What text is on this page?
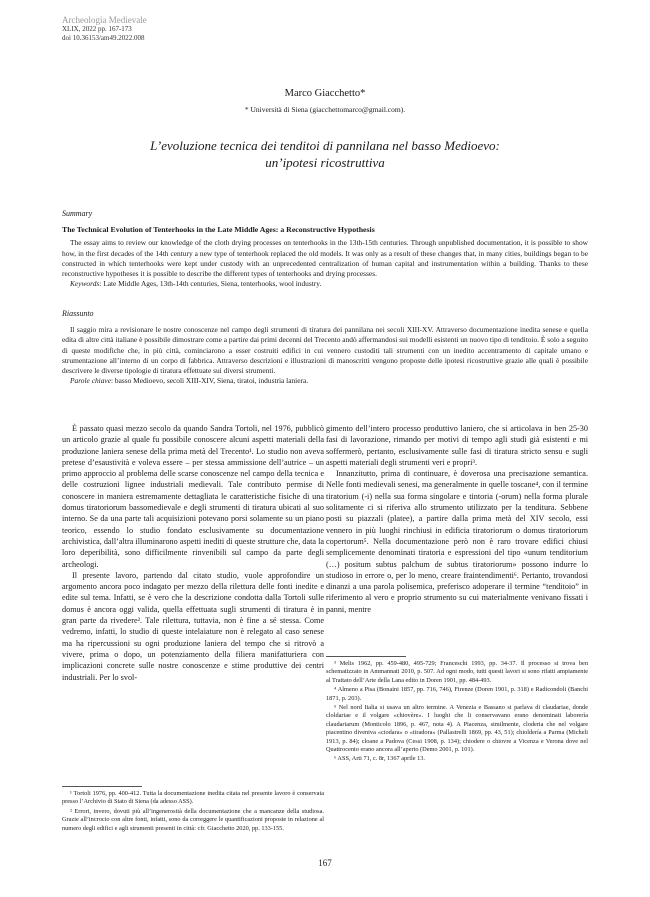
Archeologia Medievale
XLIX, 2022 pp. 167-173
doi 10.36153/am49.2022.008
Marco Giacchetto*
* Università di Siena (giacchettomarco@gmail.com).
L’evoluzione tecnica dei tenditoi di pannilana nel basso Medioevo:
un’ipotesi ricostruttiva
Summary
The Technical Evolution of Tenterhooks in the Late Middle Ages: a Reconstructive Hypothesis

The essay aims to review our knowledge of the cloth drying processes on tenterhooks in the 13th-15th centuries. Through unpublished documentation, it is possible to show how, in the first decades of the 14th century a new type of tenterhook replaced the old models. It was only as a result of these changes that, in many cities, buildings began to be constructed in which tenterhooks were kept under custody with an unprecedented centralization of human capital and instrumentation within a building. Thanks to these reconstructive hypotheses it is possible to describe the different types of tenterhooks and drying processes.

Keywords: Late Middle Ages, 13th-14th centuries, Siena, tenterhooks, wool industry.
Riassunto

Il saggio mira a revisionare le nostre conoscenze nel campo degli strumenti di tiratura dei pannilana nei secoli XIII-XV. Attraverso documentazione inedita senese e quella edita di altre città italiane è possibile dimostrare come a partire dai primi decenni del Trecento andò affermandosi sui modelli esistenti un nuovo tipo di tenditoio. È solo a seguito di queste modifiche che, in più città, cominciarono a esser costruiti edifici in cui vennero custoditi tali strumenti con un inedito accentramento di capitale umano e strumentazione all’interno di un corpo di fabbrica. Attraverso descrizioni e illustrazioni di manoscritti vengono proposte delle ipotesi ricostruttive grazie alle quali è possibile descrivere le diverse tipologie di tiratura effettuate sui diversi strumenti.

Parole chiave: basso Medioevo, secoli XIII-XIV, Siena, tiratoi, industria laniera.

È passato quasi mezzo secolo da quando Sandra Tortoli, nel 1976, pubblicò un articolo grazie al quale fu possibile conoscere alcuni aspetti materiali della produzione laniera senese della prima metà del Trecento¹. Lo studio non aveva pretese d’esaustività e voleva essere – per stessa ammissione dell’autrice – un primo approccio al problema delle scarse conoscenze nel campo della tecnica e delle costruzioni lignee industriali medievali. Tale contributo permise di conoscere in maniera estremamente dettagliata le caratteristiche fisiche di una domus tiratoriorum bassomedievale e degli strumenti di tiratura ubicati al suo interno. Se da una parte tali acquisizioni potevano porsi solamente su un piano teorico, essendo lo studio fondato esclusivamente su documentazione archivistica, dall’altra illuminarono aspetti inediti di queste strutture che, data la loro deperibilità, sono difficilmente rinvenibili sul campo da parte degli archeologi.

Il presente lavoro, partendo dal citato studio, vuole approfondire un argomento ancora poco indagato per mezzo della rilettura delle fonti inedite e edite sul tema. Infatti, se è vero che la descrizione condotta dalla Tortoli sulle domus è ancora oggi valida, quella effettuata sugli strumenti di tiratura è in gran parte da rivedere². Tale rilettura, tuttavia, non è fine a sé stessa. Come vedremo, infatti, lo studio di queste intelaiature non è relegato al caso senese ma ha ripercussioni su ogni produzione laniera del tempo che si ritrovò a vivere, prima o dopo, un potenziamento della filiera manifatturiera con implicazioni concrete sulle nostre conoscenze e stime produttive dei centri industriali. Per lo svol-

gimento dell’intero processo produttivo laniero, che si articolava in ben 25-30 fasi di lavorazione, rimando per motivi di tempo agli studi già esistenti e mi soffermerò, pertanto, esclusivamente sulle fasi di tiratura stricto sensu e sugli aspetti materiali degli strumenti veri e propri³.

Innanzitutto, prima di continuare, è doverosa una precisazione semantica. Nelle fonti medievali senesi, ma generalmente in quelle toscane⁴, con il termine tiratorium (-i) nella sua forma singolare e tintoria (-orum) nella forma plurale solitamente ci si riferiva allo strumento utilizzato per la tenditura. Sebbene posti su piazzali (platee), a partire dalla prima metà del XIV secolo, essi vennero in più luoghi rinchiusi in edificia tiratoriorum o domus tiratoriorum copertorum⁵. Nella documentazione però non è raro trovare edifici chiusi semplicemente denominati tiratoria e espressioni del tipo «unum tenditorium (…) positum subtus palchum de subtus tiratoriorum» possono indurre lo studioso in errore o, per lo meno, creare fraintendimenti⁶. Pertanto, trovandosi dinanzi a una parola polisemica, preferisco adoperare il termine “tenditoio” in riferimento al vero e proprio strumento su cui materialmente venivano fissati i panni, mentre

¹ Tortoli 1976, pp. 400-412. Tutta la documentazione inedita citata nel presente lavoro è conservata presso l’Archivio di Stato di Siena (da adesso ASS).

² Errori, invero, dovuti più all’ingenerosità della documentazione che a mancanze della studiosa. Grazie all’incrocio con altre fonti, infatti, sono da correggere le quantificazioni proposte in relazione al numero degli edifici e agli strumenti presenti in città: cfr. Giacchetto 2020, pp. 133-155.

³ Melis 1962, pp. 459-480, 495-729; Franceschi 1993, pp. 34-37. Il processo si trova ben schematizzato in Ammannati 2010, p. 507. Ad ogni modo, tutti questi lavori si sono rifatti ampiamente al Trattato dell’Arte della Lana edito in Doren 1901, pp. 484-493.

⁴ Almeno a Pisa (Bonaini 1857, pp. 716, 746), Firenze (Doren 1901, p. 318) e Radicondoli (Banchi 1871, p. 203).

⁵ Nel nord Italia si usava un altro termine. A Venezia e Bassano si parlava di claudariae, donde cloldariae e il volgare «chiovère». I luoghi che li conservavano erano denominati laborerìa claudariarum (Monticolo 1896, p. 467, nota 4). A Piacenza, similmente, cloderia che nel volgare piacentino diveniva «ciodara» o «tiradora» (Pallastrelli 1869, pp. 43, 51); chioldería a Parma (Micheli 1913, p. 84); cloane a Padova (Cessi 1908, p. 134); chiodere o chiovre a Vicenza e Verona dove nel Quattrocento erano ancora all’aperto (Demo 2001, p. 101).

⁶ ASS, Arti 71, c. 8r, 1367 aprile 13.

167
